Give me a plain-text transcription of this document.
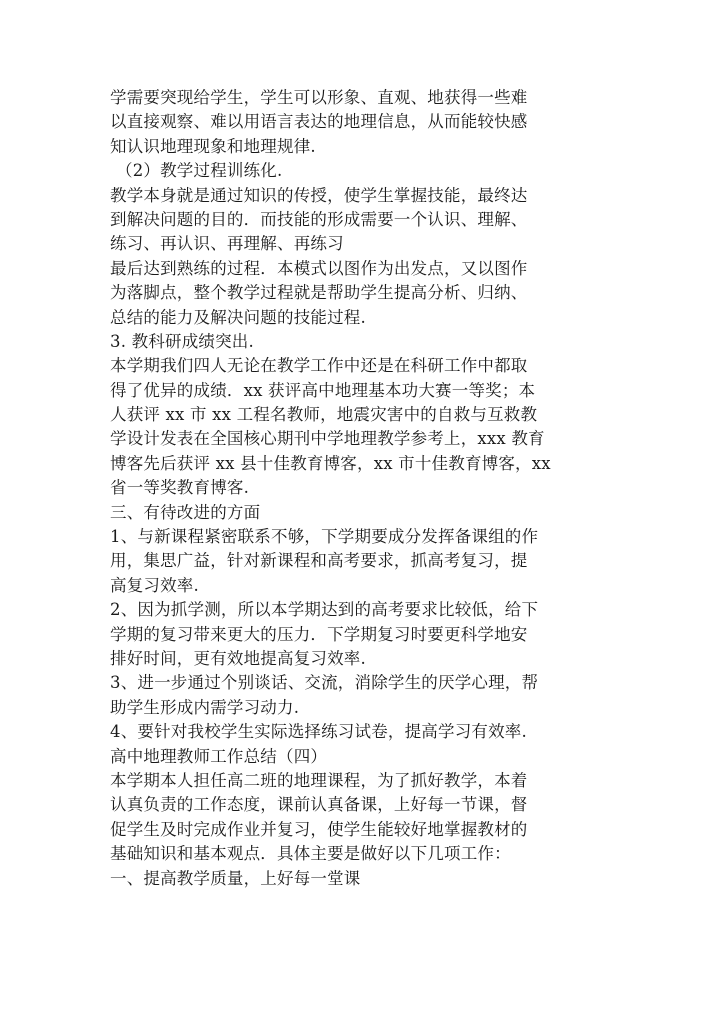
学需要突现给学生，学生可以形象、直观、地获得一些难
以直接观察、难以用语言表达的地理信息，从而能较快感
知认识地理现象和地理规律.
（2）教学过程训练化.
教学本身就是通过知识的传授，使学生掌握技能，最终达
到解决问题的目的．而技能的形成需要一个认识、理解、
练习、再认识、再理解、再练习
最后达到熟练的过程．本模式以图作为出发点，又以图作
为落脚点，整个教学过程就是帮助学生提高分析、归纳、
总结的能力及解决问题的技能过程.
3. 教科研成绩突出.
本学期我们四人无论在教学工作中还是在科研工作中都取
得了优异的成绩．xx 获评高中地理基本功大赛一等奖；本
人获评 xx 市 xx 工程名教师，地震灾害中的自救与互救教
学设计发表在全国核心期刊中学地理教学参考上，xxx 教育
博客先后获评 xx 县十佳教育博客，xx 市十佳教育博客，xx
省一等奖教育博客.
三、有待改进的方面
1、与新课程紧密联系不够，下学期要成分发挥备课组的作
用，集思广益，针对新课程和高考要求，抓高考复习，提
高复习效率.
2、因为抓学测，所以本学期达到的高考要求比较低，给下
学期的复习带来更大的压力．下学期复习时要更科学地安
排好时间，更有效地提高复习效率.
3、进一步通过个别谈话、交流，消除学生的厌学心理，帮
助学生形成内需学习动力.
4、要针对我校学生实际选择练习试卷，提高学习有效率.
高中地理教师工作总结（四）
本学期本人担任高二班的地理课程，为了抓好教学，本着
认真负责的工作态度，课前认真备课，上好每一节课，督
促学生及时完成作业并复习，使学生能较好地掌握教材的
基础知识和基本观点．具体主要是做好以下几项工作：
一、提高教学质量，上好每一堂课
